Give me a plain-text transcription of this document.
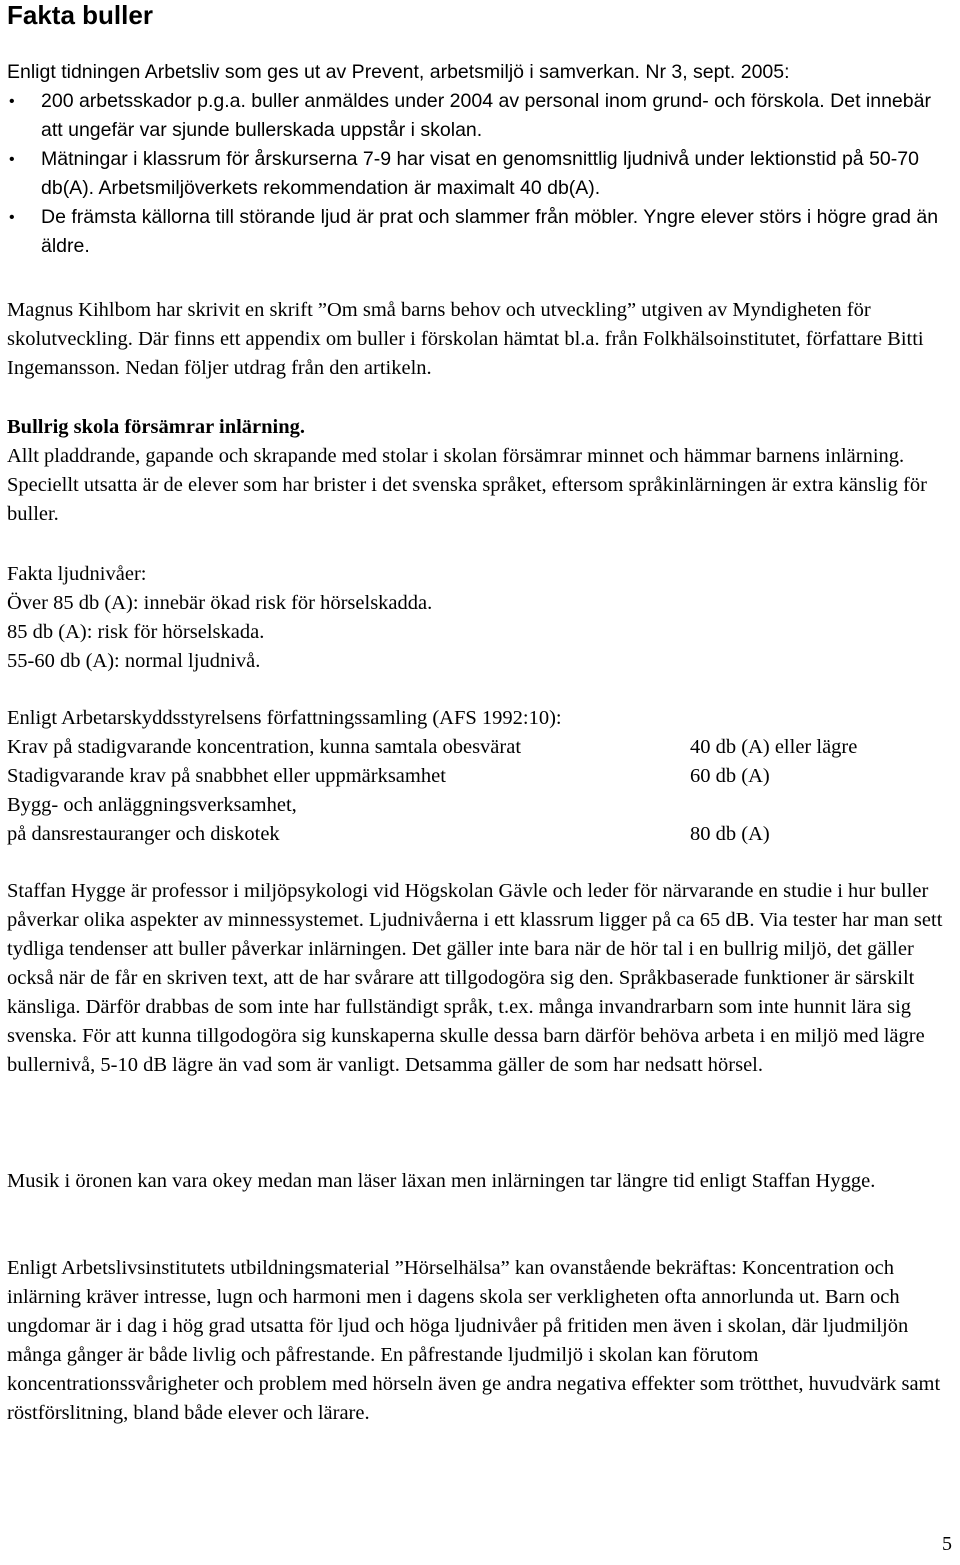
Fakta buller

Enligt tidningen Arbetsliv som ges ut av Prevent, arbetsmiljö i samverkan. Nr 3, sept. 2005:

• 200 arbetsskador p.g.a. buller anmäldes under 2004 av personal inom grund- och förskola. Det innebär att ungefär var sjunde bullerskada uppstår i skolan.
• Mätningar i klassrum för årskurserna 7-9 har visat en genomsnittlig ljudnivå under lektionstid på 50-70 db(A). Arbetsmiljöverkets rekommendation är maximalt 40 db(A).
• De främsta källorna till störande ljud är prat och slammer från möbler. Yngre elever störs i högre grad än äldre.

Magnus Kihlbom har skrivit en skrift ”Om små barns behov och utveckling” utgiven av Myndigheten för skolutveckling. Där finns ett appendix om buller i förskolan hämtat bl.a. från Folkhälsoinstitutet, författare Bitti Ingemansson. Nedan följer utdrag från den artikeln.

Bullrig skola försämrar inlärning.

Allt pladdrande, gapande och skrapande med stolar i skolan försämrar minnet och hämmar barnens inlärning. Speciellt utsatta är de elever som har brister i det svenska språket, eftersom språkinlärningen är extra känslig för buller.

Fakta ljudnivåer:

Över 85 db (A): innebär ökad risk för hörselskadda.

85 db (A): risk för hörselskada.

55-60 db (A): normal ljudnivå.

Enligt Arbetarskyddsstyrelsens författningssamling (AFS 1992:10):

Krav på stadigvarande koncentration, kunna samtala obesvärat	40 db (A) eller lägre
Stadigvarande krav på snabbhet eller uppmärksamhet	60 db (A)
Bygg- och anläggningsverksamhet,
på dansrestauranger och diskotek	80 db (A)

Staffan Hygge är professor i miljöpsykologi vid Högskolan Gävle och leder för närvarande en studie i hur buller påverkar olika aspekter av minnessystemet. Ljudnivåerna i ett klassrum ligger på ca 65 dB. Via tester har man sett tydliga tendenser att buller påverkar inlärningen. Det gäller inte bara när de hör tal i en bullrig miljö, det gäller också när de får en skriven text, att de har svårare att tillgodogöra sig den. Språkbaserade funktioner är särskilt känsliga. Därför drabbas de som inte har fullständigt språk, t.ex. många invandrarbarn som inte hunnit lära sig svenska. För att kunna tillgodogöra sig kunskaperna skulle dessa barn därför behöva arbeta i en miljö med lägre bullernivå, 5-10 dB lägre än vad som är vanligt. Detsamma gäller de som har nedsatt hörsel.

Musik i öronen kan vara okey medan man läser läxan men inlärningen tar längre tid enligt Staffan Hygge.

Enligt Arbetslivsinstitutets utbildningsmaterial ”Hörselhälsa” kan ovanstående bekräftas: Koncentration och inlärning kräver intresse, lugn och harmoni men i dagens skola ser verkligheten ofta annorlunda ut. Barn och ungdomar är i dag i hög grad utsatta för ljud och höga ljudnivåer på fritiden men även i skolan, där ljudmiljön många gånger är både livlig och påfrestande. En påfrestande ljudmiljö i skolan kan förutom koncentrationssvårigheter och problem med hörseln även ge andra negativa effekter som trötthet, huvudvärk samt röstförslitning, bland både elever och lärare.

5
